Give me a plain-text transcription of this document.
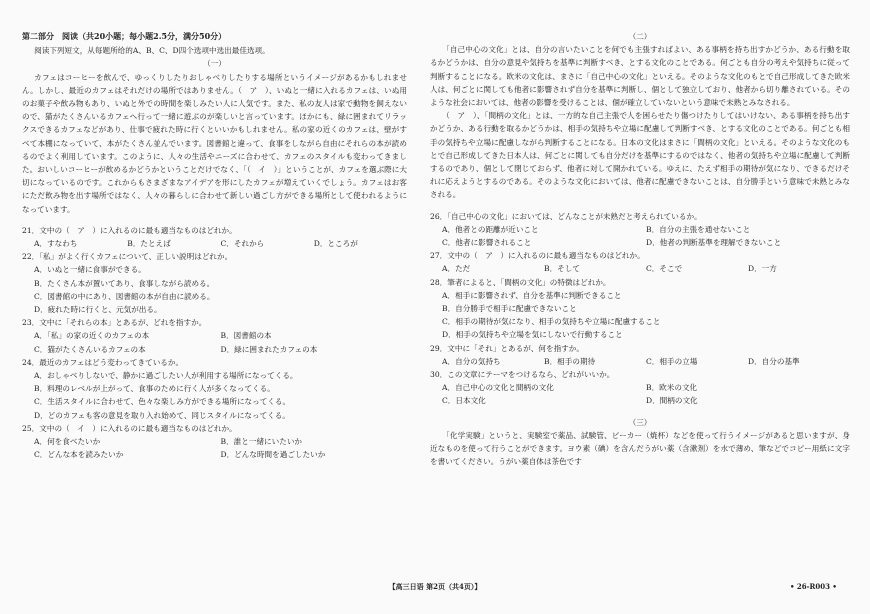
第二部分　阅读（共20小题；每小题2.5分，满分50分）

阅读下列短文，从每题所给的A、B、C、D四个选项中选出最佳选项。

（一）

カフェはコーヒーを飲んで、ゆっくりしたりおしゃべりしたりする場所というイメージがあるかもしれません。しかし、最近のカフェはそれだけの場所ではありません。（　ア　）、いぬと一緒に入れるカフェは、いぬ用のお菓子や飲み物もあり、いぬと外での時間を楽しみたい人に人気です。また、私の友人は家で動物を飼えないので、猫がたくさんいるカフェへ行って一緒に遊ぶのが楽しいと言っています。ほかにも、緑に囲まれてリラックスできるカフェなどがあり、仕事で疲れた時に行くといいかもしれません。私の家の近くのカフェは、壁がすべて本棚になっていて、本がたくさん並んでいます。図書館と違って、食事をしながら自由にそれらの本が読めるのでよく利用しています。このように、人々の生活やニーズに合わせて、カフェのスタイルも変わってきました。おいしいコーヒーが飲めるかどうかということだけでなく、「（　イ　）」ということが、カフェを選ぶ際に大切になっているのです。これからもさまざまなアイデアを形にしたカフェが増えていくでしょう。カフェはお客にただ飲み物を出す場所ではなく、人々の暮らしに合わせて新しい過ごし方ができる場所として使われるようになっています。

21．文中の（　ア　）に入れるのに最も適当なものはどれか。

A．すなわち	B．たとえば	C．それから	D．ところが

22．「私」がよく行くカフェについて、正しい説明はどれか。

A．いぬと一緒に食事ができる。

B．たくさん本が置いてあり、食事しながら読める。

C．図書館の中にあり、図書館の本が自由に読める。

D．疲れた時に行くと、元気が出る。

23．文中に「それらの本」とあるが、どれを指すか。

A．「私」の家の近くのカフェの本	B．図書館の本
C．猫がたくさんいるカフェの本	D．緑に囲まれたカフェの本

24．最近のカフェはどう変わってきているか。

A．おしゃべりしないで、静かに過ごしたい人が利用する場所になってくる。

B．料理のレベルが上がって、食事のために行く人が多くなってくる。

C．生活スタイルに合わせて、色々な楽しみ方ができる場所になってくる。

D．どのカフェも客の意見を取り入れ始めて、同じスタイルになってくる。

25．文中の（　イ　）に入れるのに最も適当なものはどれか。

A．何を食べたいか	B．誰と一緒にいたいか
C．どんな本を読みたいか	D．どんな時間を過ごしたいか

（二）

「自己中心の文化」とは、自分の言いたいことを何でも主張すればよい、ある事柄を持ち出すかどうか、ある行動を取るかどうかは、自分の意見や気持ちを基準に判断すべき、とする文化のことである。何ごとも自分の考えや気持ちに従って判断することになる。欧米の文化は、まさに「自己中心の文化」といえる。そのような文化のもとで自己形成してきた欧米人は、何ごとに関しても他者に影響されず自分を基準に判断し、個として独立しており、他者から切り離されている。そのような社会においては、他者の影響を受けることは、個が確立していないという意味で未熟とみなされる。

（　ア　）、「間柄の文化」とは、一方的な自己主張で人を困らせたり傷つけたりしてはいけない、ある事柄を持ち出すかどうか、ある行動を取るかどうかは、相手の気持ちや立場に配慮して判断すべき、とする文化のことである。何ごとも相手の気持ちや立場に配慮しながら判断することになる。日本の文化はまさに「間柄の文化」といえる。そのような文化のもとで自己形成してきた日本人は、何ごとに関しても自分だけを基準にするのではなく、他者の気持ちや立場に配慮して判断するのであり、個として閉じておらず、他者に対して開かれている。ゆえに、たえず相手の期待が気になり、できるだけそれに応えようとするのである。そのような文化においては、他者に配慮できないことは、自分勝手という意味で未熟とみなされる。

26．「自己中心の文化」においては、どんなことが未熟だと考えられているか。

A．他者との距離が近いこと	B．自分の主張を通せないこと
C．他者に影響されること	D．他者の判断基準を理解できないこと

27．文中の（　ア　）に入れるのに最も適当なものはどれか。

A．ただ	B．そして	C．そこで	D．一方

28．筆者によると、「間柄の文化」の特徴はどれか。

A．相手に影響されず、自分を基準に判断できること

B．自分勝手で相手に配慮できないこと

C．相手の期待が気になり、相手の気持ちや立場に配慮すること

D．相手の気持ちや立場を気にしないで行動すること

29．文中に「それ」とあるが、何を指すか。

A．自分の気持ち	B．相手の期待	C．相手の立場	D．自分の基準

30．この文章にテーマをつけるなら、どれがいいか。

A．自己中心の文化と間柄の文化	B．欧米の文化
C．日本文化	D．間柄の文化

（三）

「化学実験」というと、実験室で薬品、試験管、ビーカー（焼杯）などを使って行うイメージがあると思いますが、身近なものを使って行うことができます。ヨウ素（碘）を含んだうがい薬（含漱剂）を水で薄め、筆などでコピー用紙に文字を書いてください。うがい薬自体は茶色です

【高三日语 第2页（共4页）】	• 26-R003 •
